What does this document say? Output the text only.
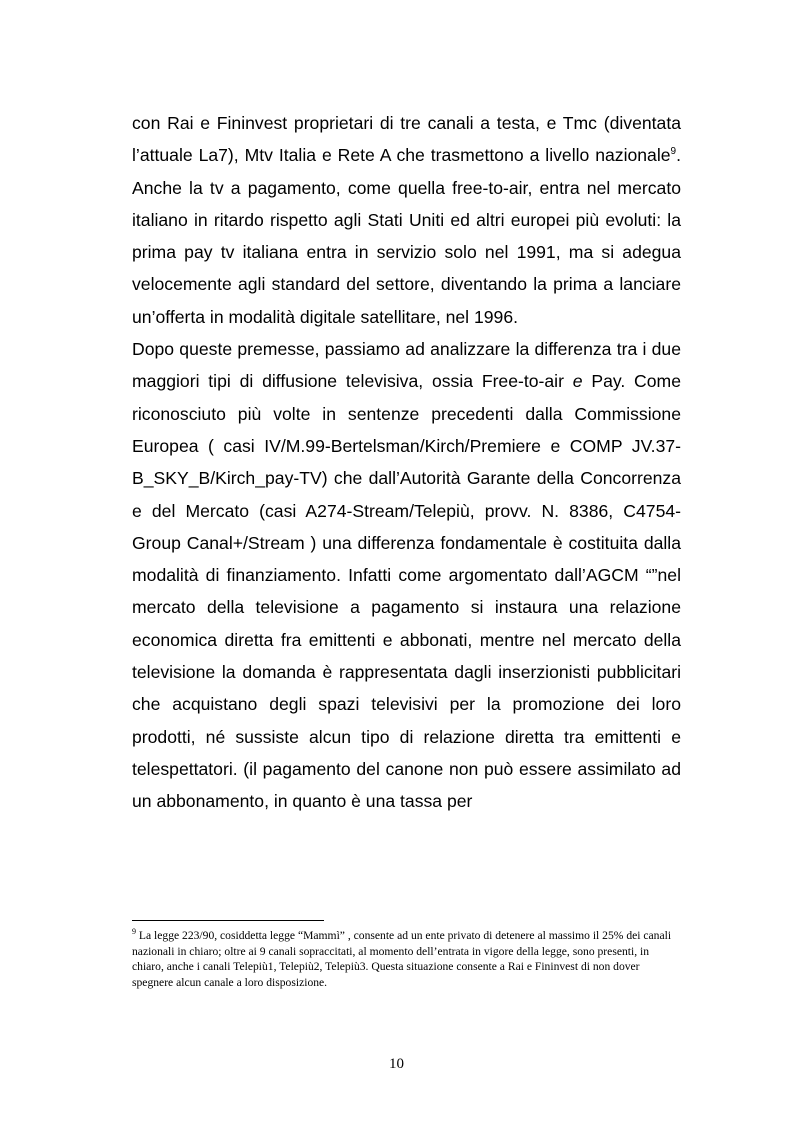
con Rai e Fininvest proprietari di tre canali a testa, e Tmc (diventata l’attuale La7), Mtv Italia e Rete A che trasmettono a livello nazionale$^9$. Anche la tv a pagamento, come quella free-to-air, entra nel mercato italiano in ritardo rispetto agli Stati Uniti ed altri europei più evoluti: la prima pay tv italiana entra in servizio solo nel 1991, ma si adegua velocemente agli standard del settore, diventando la prima a lanciare un’offerta in modalità digitale satellitare, nel 1996.

Dopo queste premesse, passiamo ad analizzare la differenza tra i due maggiori tipi di diffusione televisiva, ossia Free-to-air e Pay. Come riconosciuto più volte in sentenze precedenti dalla Commissione Europea ( casi IV/M.99-Bertelsman/Kirch/Premiere e COMP JV.37-B_SKY_B/Kirch_pay-TV) che dall’Autorità Garante della Concorrenza e del Mercato (casi A274-Stream/Telepiù, provv. N. 8386, C4754-Group Canal+/Stream ) una differenza fondamentale è costituita dalla modalità di finanziamento. Infatti come argomentato dall’AGCM “”nel mercato della televisione a pagamento si instaura una relazione economica diretta fra emittenti e abbonati, mentre nel mercato della televisione la domanda è rappresentata dagli inserzionisti pubblicitari che acquistano degli spazi televisivi per la promozione dei loro prodotti, né sussiste alcun tipo di relazione diretta tra emittenti e telespettatori. (il pagamento del canone non può essere assimilato ad un abbonamento, in quanto è una tassa per

$^9$ La legge 223/90, cosiddetta legge “Mammì” , consente ad un ente privato di detenere al massimo il 25% dei canali nazionali in chiaro; oltre ai 9 canali sopraccitati, al momento dell’entrata in vigore della legge, sono presenti, in chiaro, anche i canali Telepiù1, Telepiù2, Telepiù3. Questa situazione consente a Rai e Fininvest di non dover spegnere alcun canale a loro disposizione.

10
